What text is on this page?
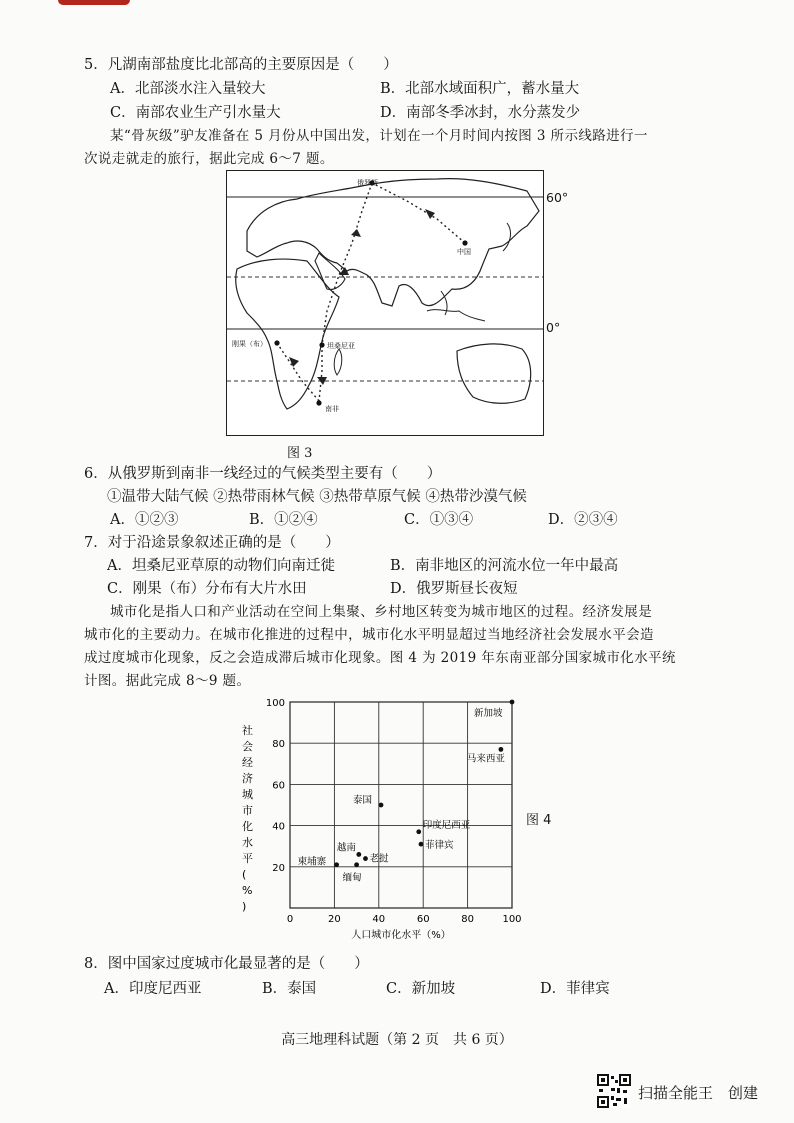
5．凡湖南部盐度比北部高的主要原因是（　　）
A．北部淡水注入量较大	B．北部水域面积广，蓄水量大
C．南部农业生产引水量大	D．南部冬季冰封，水分蒸发少
某“骨灰级”驴友准备在 5 月份从中国出发，计划在一个月时间内按图 3 所示线路进行一
次说走就走的旅行，据此完成 6～7 题。
俄罗斯
中国
坦桑尼亚
刚果（布）
南非
60°
0°
图 3
6．从俄罗斯到南非一线经过的气候类型主要有（　　）
①温带大陆气候 ②热带雨林气候 ③热带草原气候 ④热带沙漠气候
A．①②③	B．①②④	C．①③④	D．②③④
7．对于沿途景象叙述正确的是（　　）
A．坦桑尼亚草原的动物们向南迁徙	B．南非地区的河流水位一年中最高
C．刚果（布）分布有大片水田	D．俄罗斯昼长夜短
城市化是指人口和产业活动在空间上集聚、乡村地区转变为城市地区的过程。经济发展是
城市化的主要动力。在城市化推进的过程中，城市化水平明显超过当地经济社会发展水平会造
成过度城市化现象，反之会造成滞后城市化现象。图 4 为 2019 年东南亚部分国家城市化水平统
计图。据此完成 8～9 题。
0	20	40	60	80	100
20
40
60
80
100
新加坡
马来西亚
泰国
印度尼西亚
菲律宾
越南
老挝
缅甸
柬埔寨
社会经济城市化水平( % )
人口城市化水平（%）
图 4
8．图中国家过度城市化最显著的是（　　）
A．印度尼西亚	B．泰国	C．新加坡	D．菲律宾
高三地理科试题（第 2 页　共 6 页）
扫描全能王　创建
